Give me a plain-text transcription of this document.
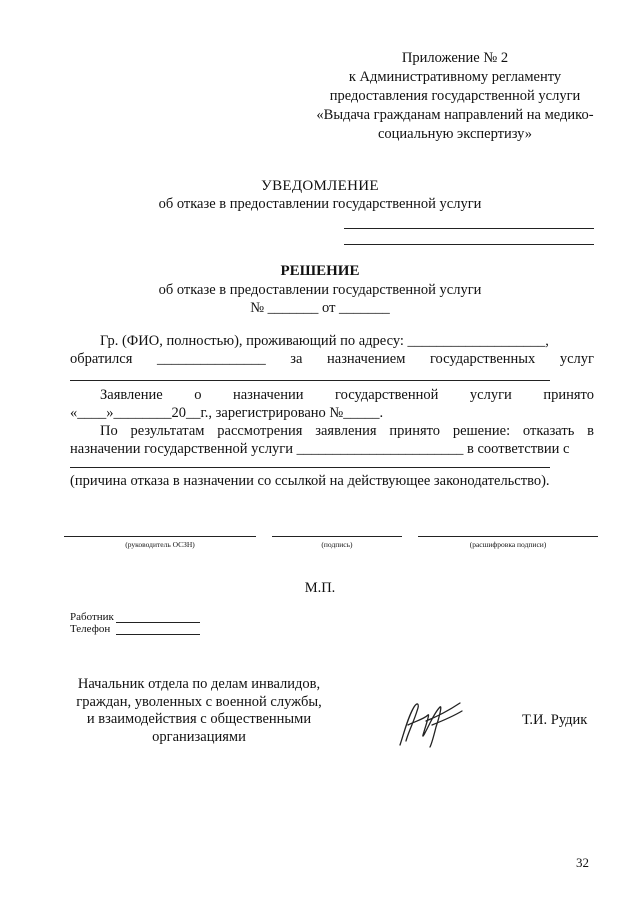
Приложение № 2
к Административному регламенту
предоставления государственной услуги
«Выдача гражданам направлений на медико-
социальную экспертизу»
УВЕДОМЛЕНИЕ
об отказе в предоставлении государственной услуги
РЕШЕНИЕ
об отказе в предоставлении государственной услуги
№ _______ от _______
Гр. (ФИО, полностью), проживающий по адресу: ___________________,
обратился _______________ за назначением государственных услуг
Заявление о назначении государственной услуги принято
«____»________20__г., зарегистрировано №_____.
По результатам рассмотрения заявления принято решение: отказать в
назначении государственной услуги _______________________ в соответствии с
(причина отказа в назначении со ссылкой на действующее законодательство).
(руководитель ОСЗН)	(подпись)	(расшифровка подписи)
М.П.
Работник
Телефон
Начальник отдела по делам инвалидов,
граждан, уволенных с военной службы,
и взаимодействия с общественными
организациями
Т.И. Рудик
32
